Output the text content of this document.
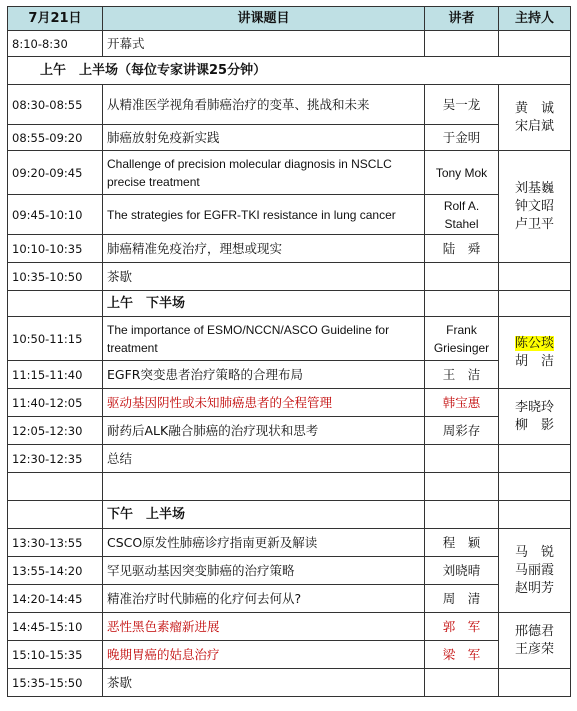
7月21日	讲课题目	讲者	主持人
8:10-8:30	开幕式		
上午　上半场（每位专家讲课25分钟）			
08:30-08:55	从精准医学视角看肺癌治疗的变革、挑战和未来	吴一龙	黄　诚
宋启斌

08:55-09:20	肺癌放射免疫新实践	于金明	
09:20-09:45	Challenge of precision molecular diagnosis in NSCLC precise treatment	Tony Mok	刘基巍
钟文昭
卢卫平

09:45-10:10	The strategies for EGFR-TKI resistance in lung cancer	Rolf A. Stahel	
10:10-10:35	肺癌精准免疫治疗，理想或现实	陆　舜	
10:35-10:50	茶歇		
	上午　下半场		
10:50-11:15	The importance of ESMO/NCCN/ASCO Guideline for treatment	Frank Griesinger	陈公琰
胡　洁

11:15-11:40	EGFR突变患者治疗策略的合理布局	王　洁	
11:40-12:05	驱动基因阴性或未知肺癌患者的全程管理	韩宝惠	李晓玲
柳　影

12:05-12:30	耐药后ALK融合肺癌的治疗现状和思考	周彩存	
12:30-12:35	总结		

	下午　上半场		
13:30-13:55	CSCO原发性肺癌诊疗指南更新及解读	程　颖	马　锐
马丽霞
赵明芳

13:55-14:20	罕见驱动基因突变肺癌的治疗策略	刘晓晴	
14:20-14:45	精准治疗时代肺癌的化疗何去何从?	周　清	
14:45-15:10	恶性黑色素瘤新进展	郭　军	邢德君
王彦荣

15:10-15:35	晚期胃癌的姑息治疗	梁　军	
15:35-15:50	茶歇		
